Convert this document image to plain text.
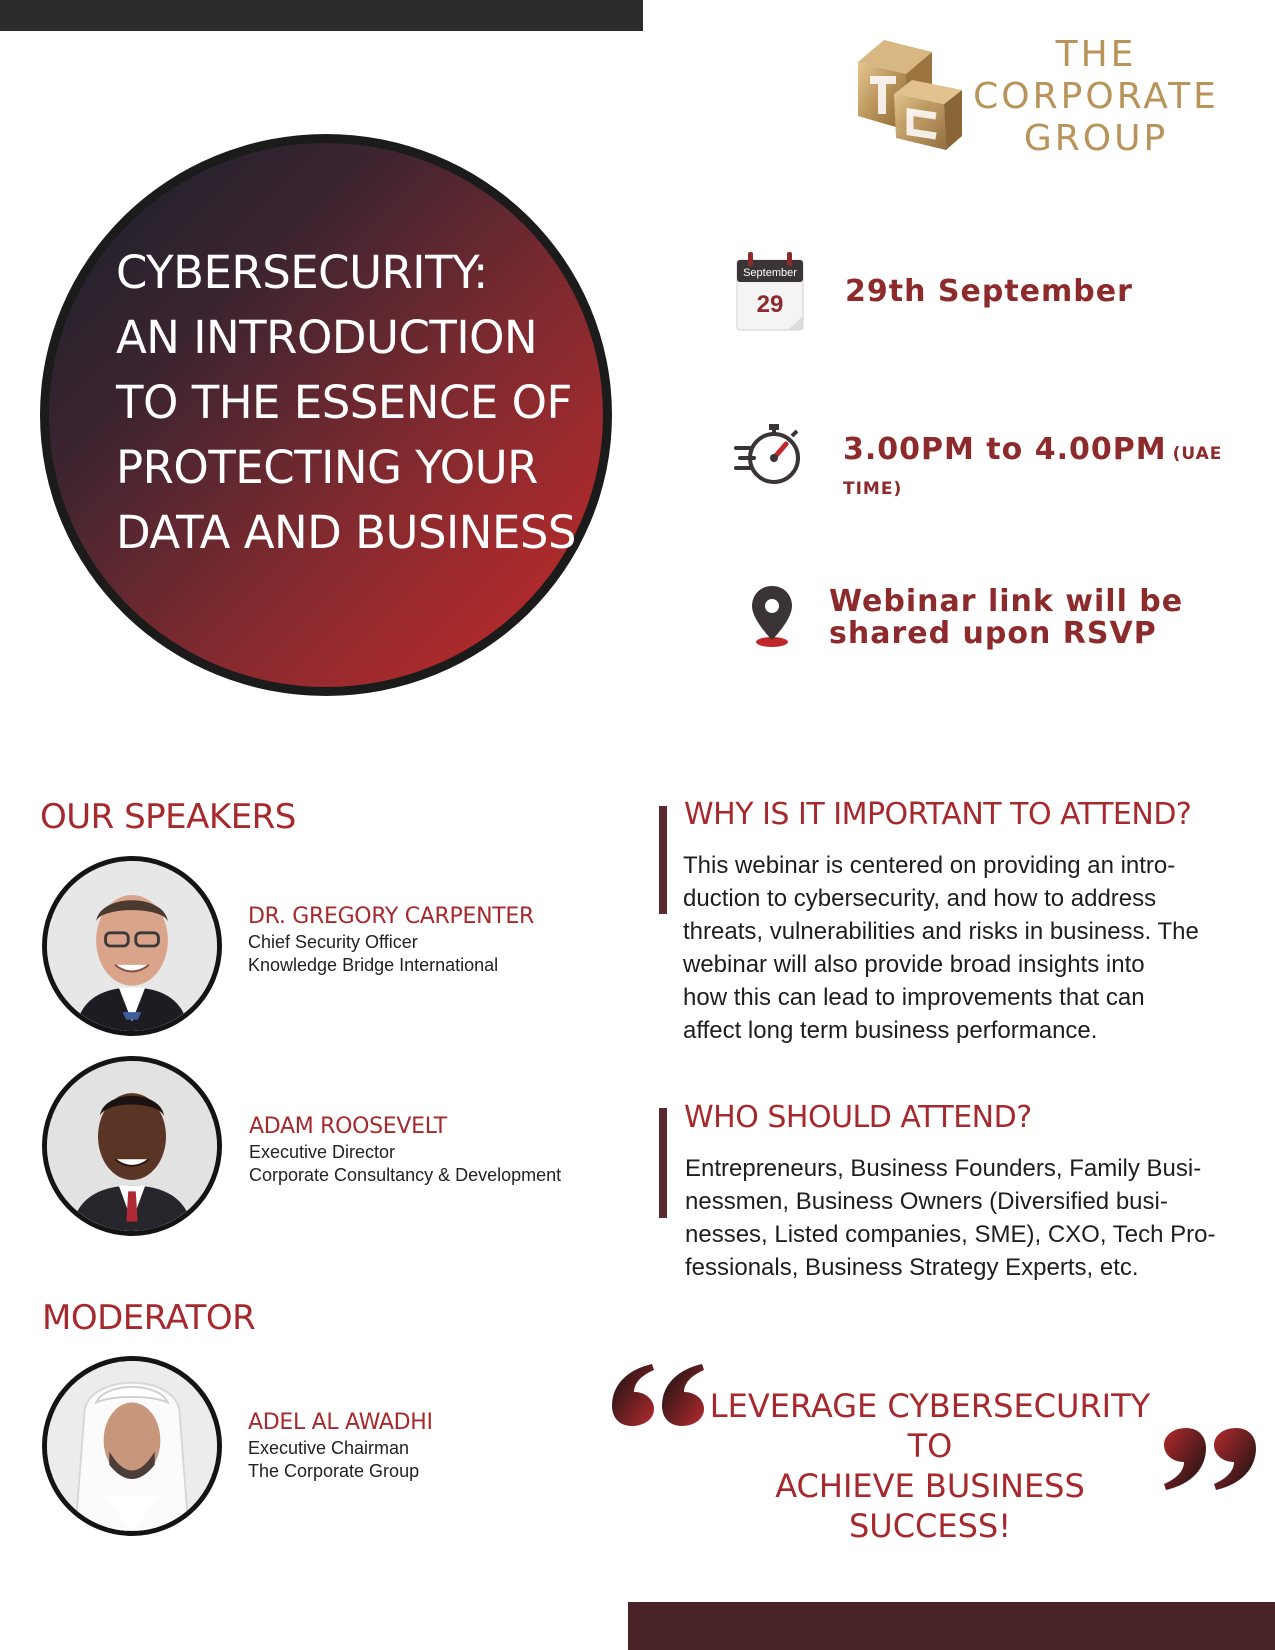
THE
CORPORATE
GROUP
CYBERSECURITY:
AN INTRODUCTION
TO THE ESSENCE OF
PROTECTING YOUR
DATA AND BUSINESS
September
29 29th September
3.00PM to 4.00PM (UAE TIME)
Webinar link will be
shared upon RSVP
OUR SPEAKERS
DR. GREGORY CARPENTER
Chief Security Officer
Knowledge Bridge International
ADAM ROOSEVELT
Executive Director
Corporate Consultancy & Development
MODERATOR
ADEL AL AWADHI
Executive Chairman
The Corporate Group
WHY IS IT IMPORTANT TO ATTEND?
This webinar is centered on providing an intro-
duction to cybersecurity, and how to address
threats, vulnerabilities and risks in business. The
webinar will also provide broad insights into
how this can lead to improvements that can
affect long term business performance.
WHO SHOULD ATTEND?
Entrepreneurs, Business Founders, Family Busi-
nessmen, Business Owners (Diversified busi-
nesses, Listed companies, SME), CXO, Tech Pro-
fessionals, Business Strategy Experts, etc.
LEVERAGE CYBERSECURITY TO
ACHIEVE BUSINESS SUCCESS!
